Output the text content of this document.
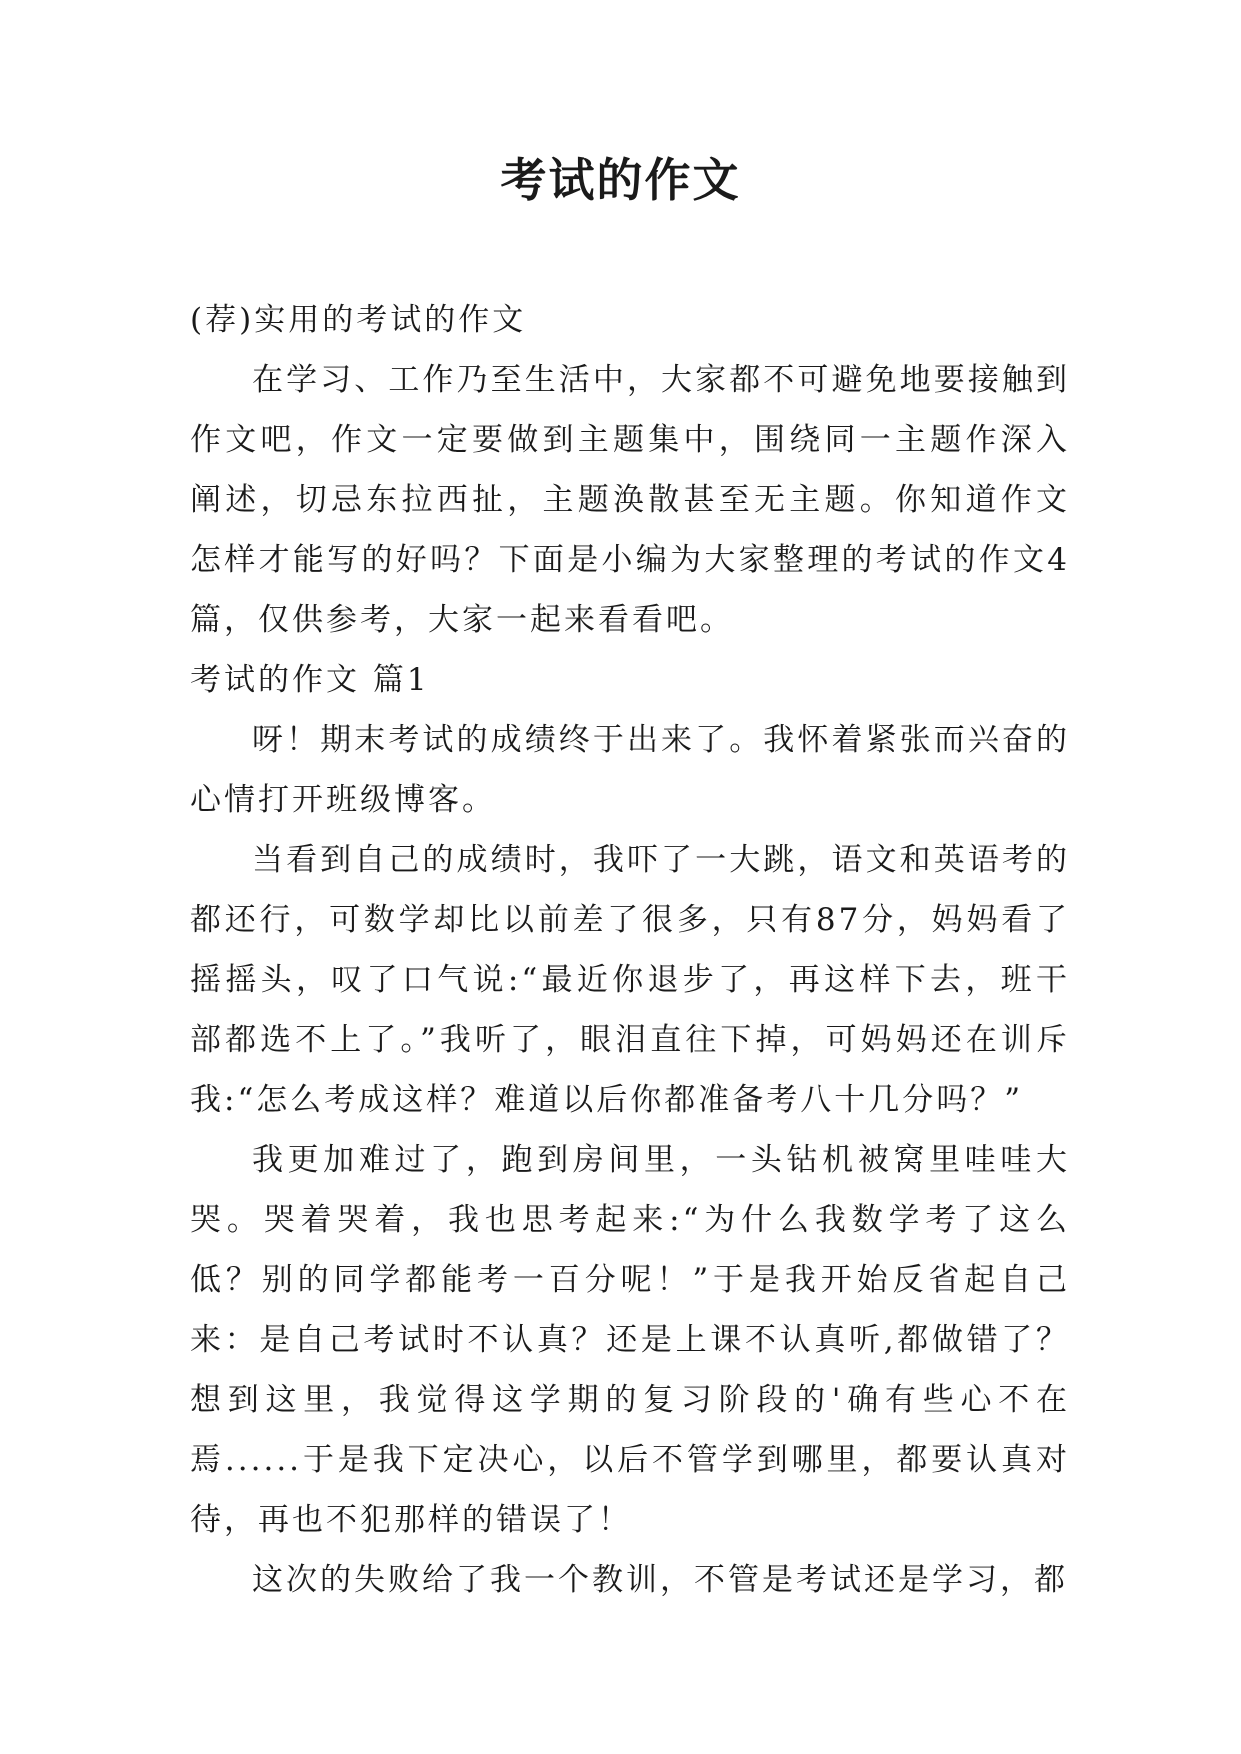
考试的作文

(荐)实用的考试的作文

在学习、工作乃至生活中，大家都不可避免地要接触到作文吧，作文一定要做到主题集中，围绕同一主题作深入阐述，切忌东拉西扯，主题涣散甚至无主题。你知道作文怎样才能写的好吗？下面是小编为大家整理的考试的作文4篇，仅供参考，大家一起来看看吧。

考试的作文 篇1

呀！期末考试的成绩终于出来了。我怀着紧张而兴奋的心情打开班级博客。

当看到自己的成绩时，我吓了一大跳，语文和英语考的都还行，可数学却比以前差了很多，只有87分，妈妈看了摇摇头，叹了口气说:“最近你退步了，再这样下去，班干部都选不上了。”我听了，眼泪直往下掉，可妈妈还在训斥我:“怎么考成这样？难道以后你都准备考八十几分吗？”

我更加难过了，跑到房间里，一头钻机被窝里哇哇大哭。哭着哭着，我也思考起来:“为什么我数学考了这么低？别的同学都能考一百分呢！”于是我开始反省起自己来：是自己考试时不认真？还是上课不认真听,都做错了？想到这里，我觉得这学期的复习阶段的'确有些心不在焉......于是我下定决心，以后不管学到哪里，都要认真对待，再也不犯那样的错误了！

这次的失败给了我一个教训，不管是考试还是学习，都
